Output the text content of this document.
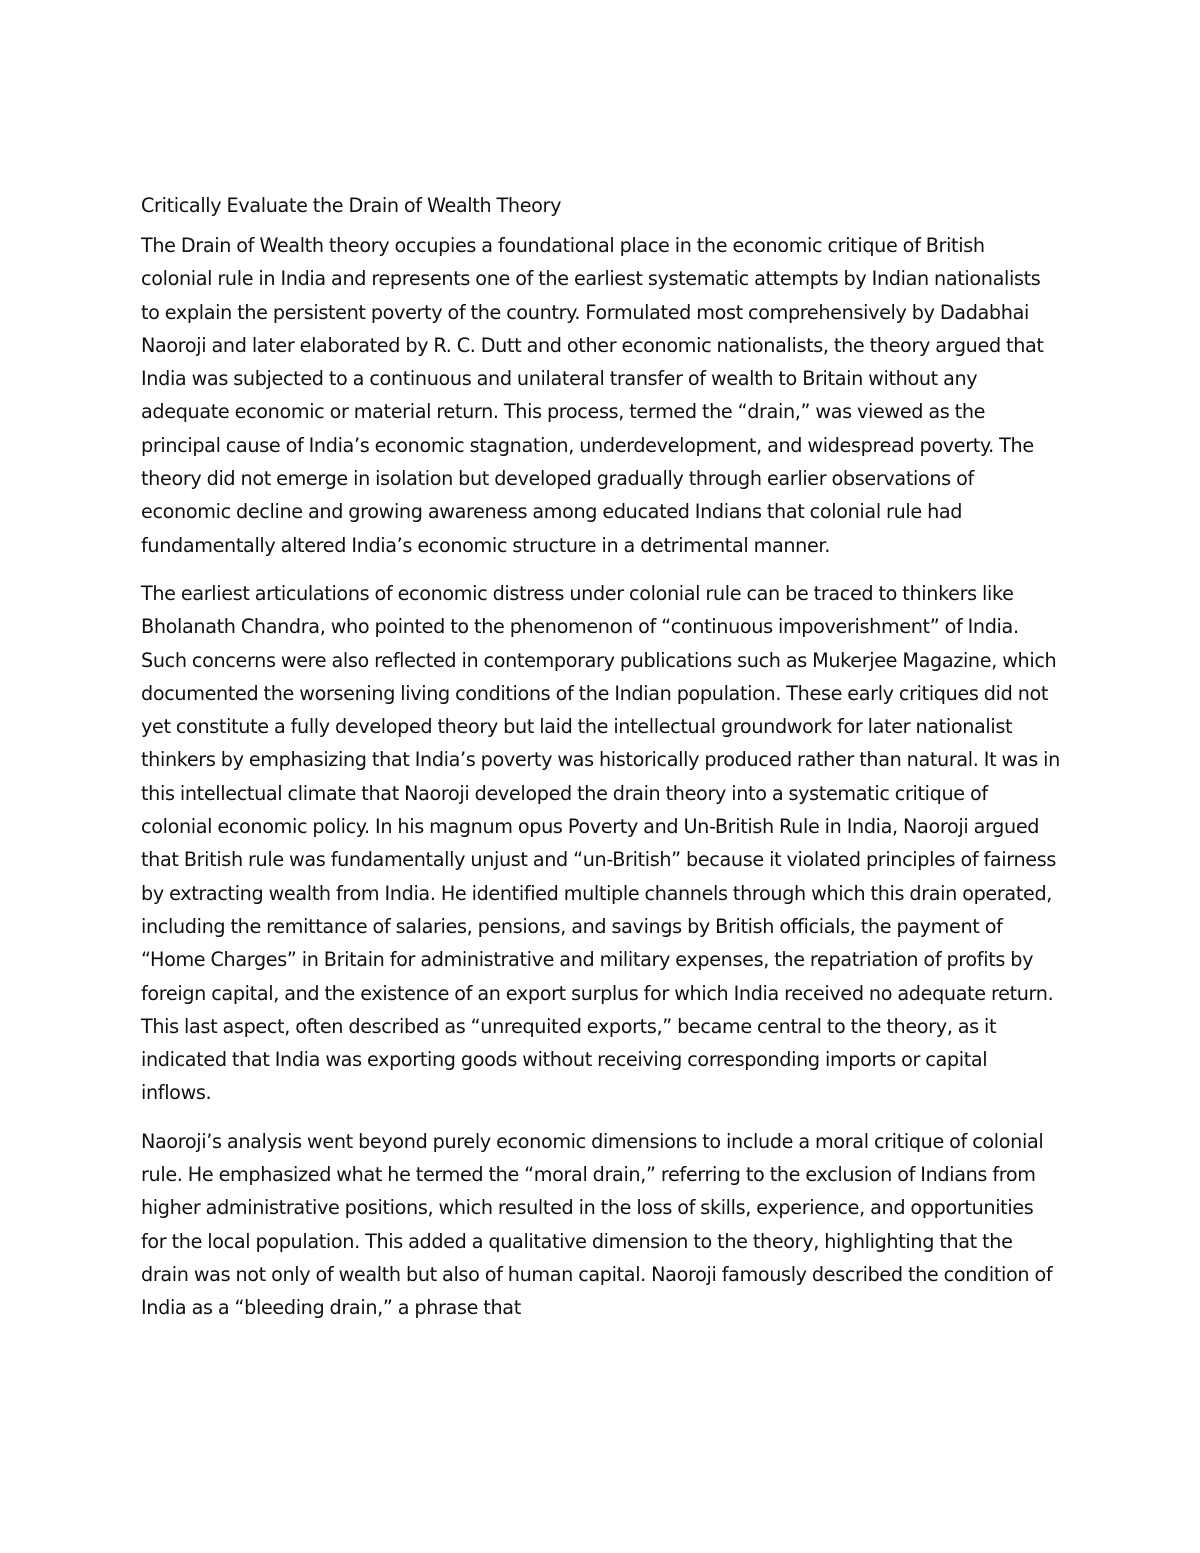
Critically Evaluate the Drain of Wealth Theory

The Drain of Wealth theory occupies a foundational place in the economic critique of British colonial rule in India and represents one of the earliest systematic attempts by Indian nationalists to explain the persistent poverty of the country. Formulated most comprehensively by Dadabhai Naoroji and later elaborated by R. C. Dutt and other economic nationalists, the theory argued that India was subjected to a continuous and unilateral transfer of wealth to Britain without any adequate economic or material return. This process, termed the “drain,” was viewed as the principal cause of India’s economic stagnation, underdevelopment, and widespread poverty. The theory did not emerge in isolation but developed gradually through earlier observations of economic decline and growing awareness among educated Indians that colonial rule had fundamentally altered India’s economic structure in a detrimental manner.

The earliest articulations of economic distress under colonial rule can be traced to thinkers like Bholanath Chandra, who pointed to the phenomenon of “continuous impoverishment” of India. Such concerns were also reflected in contemporary publications such as Mukerjee Magazine, which documented the worsening living conditions of the Indian population. These early critiques did not yet constitute a fully developed theory but laid the intellectual groundwork for later nationalist thinkers by emphasizing that India’s poverty was historically produced rather than natural. It was in this intellectual climate that Naoroji developed the drain theory into a systematic critique of colonial economic policy. In his magnum opus Poverty and Un-British Rule in India, Naoroji argued that British rule was fundamentally unjust and “un-British” because it violated principles of fairness by extracting wealth from India. He identified multiple channels through which this drain operated, including the remittance of salaries, pensions, and savings by British officials, the payment of “Home Charges” in Britain for administrative and military expenses, the repatriation of profits by foreign capital, and the existence of an export surplus for which India received no adequate return. This last aspect, often described as “unrequited exports,” became central to the theory, as it indicated that India was exporting goods without receiving corresponding imports or capital inflows.

Naoroji’s analysis went beyond purely economic dimensions to include a moral critique of colonial rule. He emphasized what he termed the “moral drain,” referring to the exclusion of Indians from higher administrative positions, which resulted in the loss of skills, experience, and opportunities for the local population. This added a qualitative dimension to the theory, highlighting that the drain was not only of wealth but also of human capital. Naoroji famously described the condition of India as a “bleeding drain,” a phrase that
